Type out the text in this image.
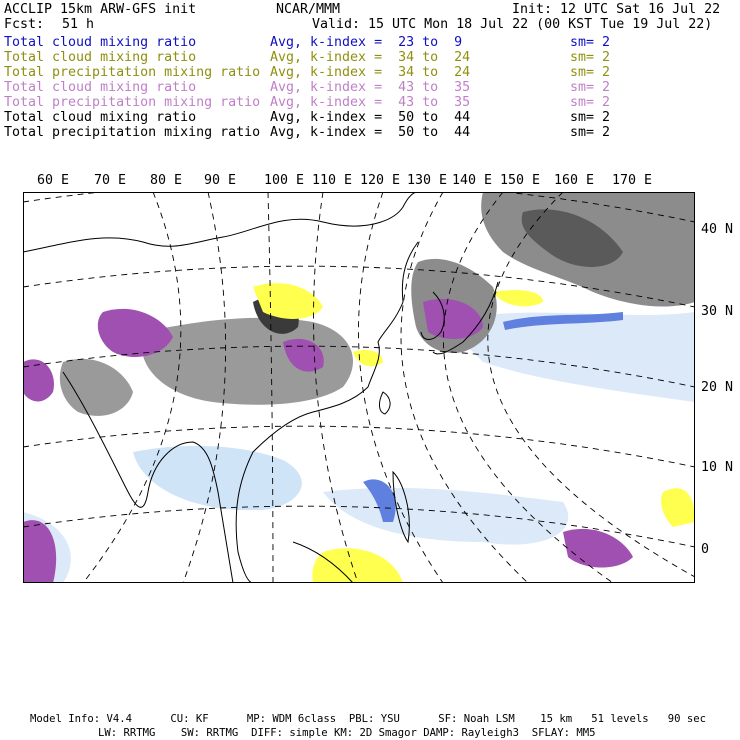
ACCLIP 15km ARW-GFS init	NCAR/MMM	Init: 12 UTC Sat 16 Jul 22
Fcst: 51 h	Valid: 15 UTC Mon 18 Jul 22 (00 KST Tue 19 Jul 22)
Total cloud mixing ratio	Avg, k-index =  23 to  9	sm= 2
Total cloud mixing ratio	Avg, k-index =  34 to  24	sm= 2
Total precipitation mixing ratio Avg, k-index =  34 to  24	sm= 2
Total cloud mixing ratio	Avg, k-index =  43 to  35	sm= 2
Total precipitation mixing ratio Avg, k-index =  43 to  35	sm= 2
Total cloud mixing ratio	Avg, k-index =  50 to  44	sm= 2
Total precipitation mixing ratio Avg, k-index =  50 to  44	sm= 2
60 E 70 E 80 E 90 E 100 E 110 E 120 E 130 E 140 E 150 E 160 E 170 E
40 N
30 N
20 N
10 N
0
Model Info: V4.4      CU: KF      MP: WDM 6class  PBL: YSU      SF: Noah LSM    15 km   51 levels   90 sec
LW: RRTMG    SW: RRTMG  DIFF: simple KM: 2D Smagor DAMP: Rayleigh3  SFLAY: MM5
